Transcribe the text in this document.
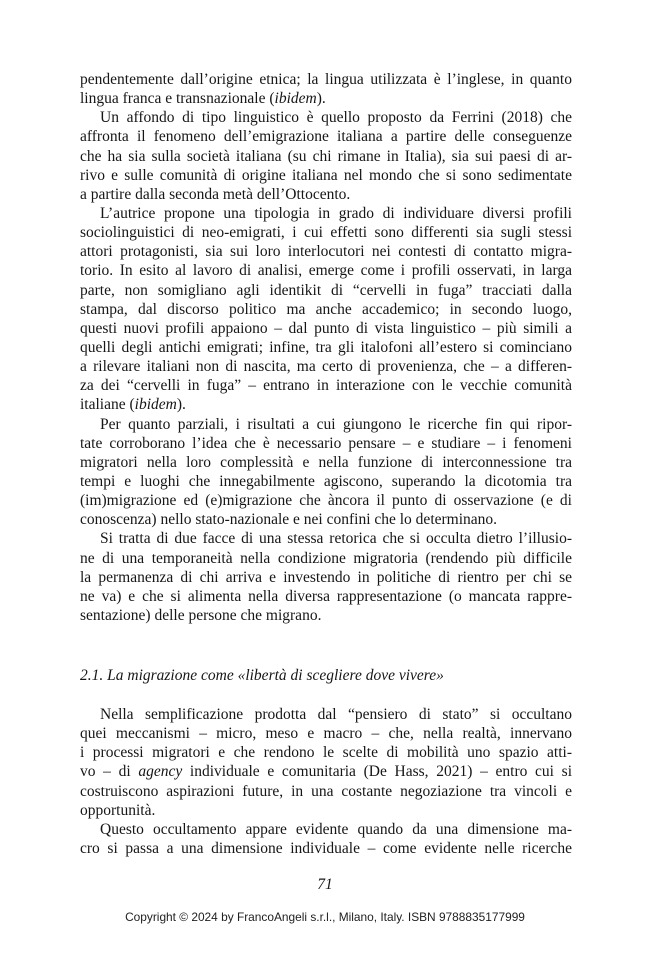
pendentemente dall’origine etnica; la lingua utilizzata è l’inglese, in quanto
lingua franca e transnazionale (ibidem).
Un affondo di tipo linguistico è quello proposto da Ferrini (2018) che
affronta il fenomeno dell’emigrazione italiana a partire delle conseguenze
che ha sia sulla società italiana (su chi rimane in Italia), sia sui paesi di ar-
rivo e sulle comunità di origine italiana nel mondo che si sono sedimentate
a partire dalla seconda metà dell’Ottocento.
L’autrice propone una tipologia in grado di individuare diversi profili
sociolinguistici di neo-emigrati, i cui effetti sono differenti sia sugli stessi
attori protagonisti, sia sui loro interlocutori nei contesti di contatto migra-
torio. In esito al lavoro di analisi, emerge come i profili osservati, in larga
parte, non somigliano agli identikit di “cervelli in fuga” tracciati dalla
stampa, dal discorso politico ma anche accademico; in secondo luogo,
questi nuovi profili appaiono – dal punto di vista linguistico – più simili a
quelli degli antichi emigrati; infine, tra gli italofoni all’estero si cominciano
a rilevare italiani non di nascita, ma certo di provenienza, che – a differen-
za dei “cervelli in fuga” – entrano in interazione con le vecchie comunità
italiane (ibidem).
Per quanto parziali, i risultati a cui giungono le ricerche fin qui ripor-
tate corroborano l’idea che è necessario pensare – e studiare – i fenomeni
migratori nella loro complessità e nella funzione di interconnessione tra
tempi e luoghi che innegabilmente agiscono, superando la dicotomia tra
(im)migrazione ed (e)migrazione che àncora il punto di osservazione (e di
conoscenza) nello stato-nazionale e nei confini che lo determinano.
Si tratta di due facce di una stessa retorica che si occulta dietro l’illusio-
ne di una temporaneità nella condizione migratoria (rendendo più difficile
la permanenza di chi arriva e investendo in politiche di rientro per chi se
ne va) e che si alimenta nella diversa rappresentazione (o mancata rappre-
sentazione) delle persone che migrano.
2.1. La migrazione come «libertà di scegliere dove vivere»
Nella semplificazione prodotta dal “pensiero di stato” si occultano
quei meccanismi – micro, meso e macro – che, nella realtà, innervano
i processi migratori e che rendono le scelte di mobilità uno spazio atti-
vo – di agency individuale e comunitaria (De Hass, 2021) – entro cui si
costruiscono aspirazioni future, in una costante negoziazione tra vincoli e
opportunità.
Questo occultamento appare evidente quando da una dimensione ma-
cro si passa a una dimensione individuale – come evidente nelle ricerche
71
Copyright © 2024 by FrancoAngeli s.r.l., Milano, Italy. ISBN 9788835177999
